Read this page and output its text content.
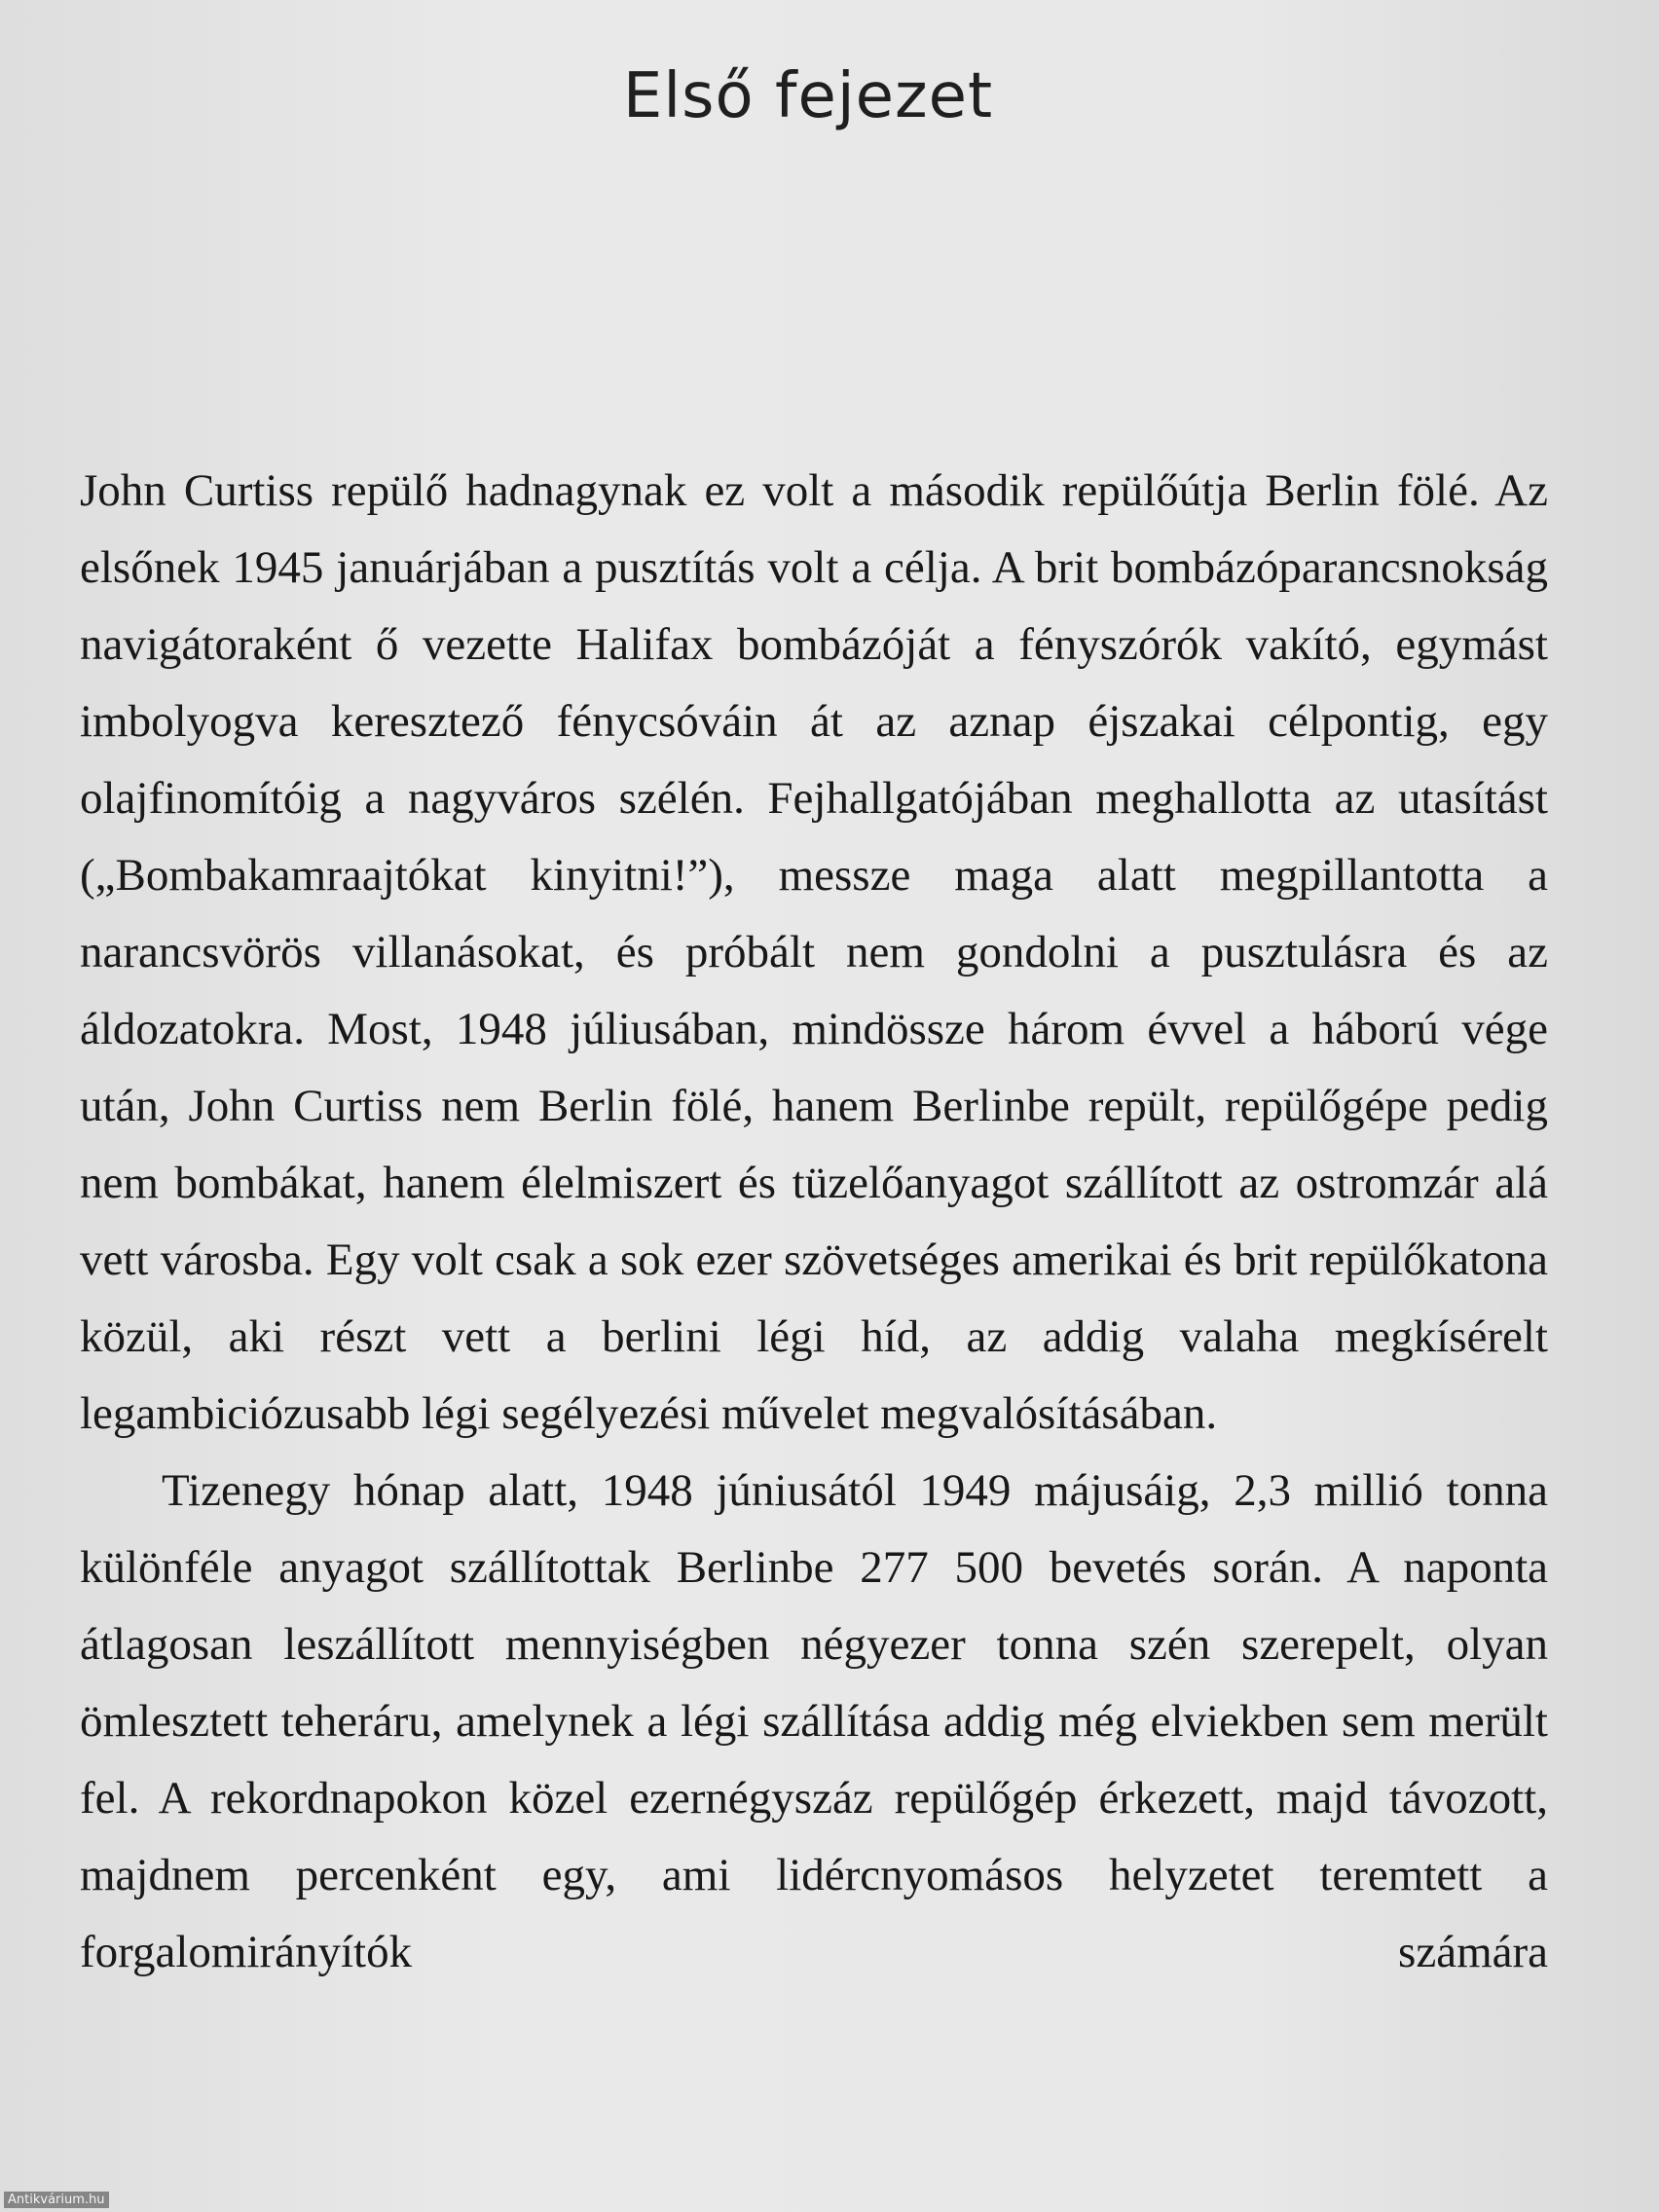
Első fejezet

John Curtiss repülő hadnagynak ez volt a második repülőútja Berlin fölé. Az elsőnek 1945 januárjában a pusztítás volt a célja. A brit bombázóparancsnokság navigátoraként ő vezette Halifax bombázóját a fényszórók vakító, egymást imbolyogva keresztező fénycsóváin át az aznap éjszakai célpontig, egy olajfinomítóig a nagyváros szélén. Fejhallgatójában meghallotta az utasítást („Bombakamraajtókat kinyitni!”), messze maga alatt megpillantotta a narancsvörös villanásokat, és próbált nem gondolni a pusztulásra és az áldozatokra. Most, 1948 júliusában, mindössze három évvel a háború vége után, John Curtiss nem Berlin fölé, hanem Berlinbe repült, repülőgépe pedig nem bombákat, hanem élelmiszert és tüzelőanyagot szállított az ostromzár alá vett városba. Egy volt csak a sok ezer szövetséges amerikai és brit repülőkatona közül, aki részt vett a berlini légi híd, az addig valaha megkísérelt legambiciózusabb légi segélyezési művelet megvalósításában.

Tizenegy hónap alatt, 1948 júniusától 1949 májusáig, 2,3 millió tonna különféle anyagot szállítottak Berlinbe 277 500 bevetés során. A naponta átlagosan leszállított mennyiségben négyezer tonna szén szerepelt, olyan ömlesztett teheráru, amelynek a légi szállítása addig még elviekben sem merült fel. A rekordnapokon közel ezernégyszáz repülőgép érkezett, majd távozott, majdnem percenként egy, ami lidércnyomásos helyzetet teremtett a forgalomirányítók számára

Antikvárium.hu
